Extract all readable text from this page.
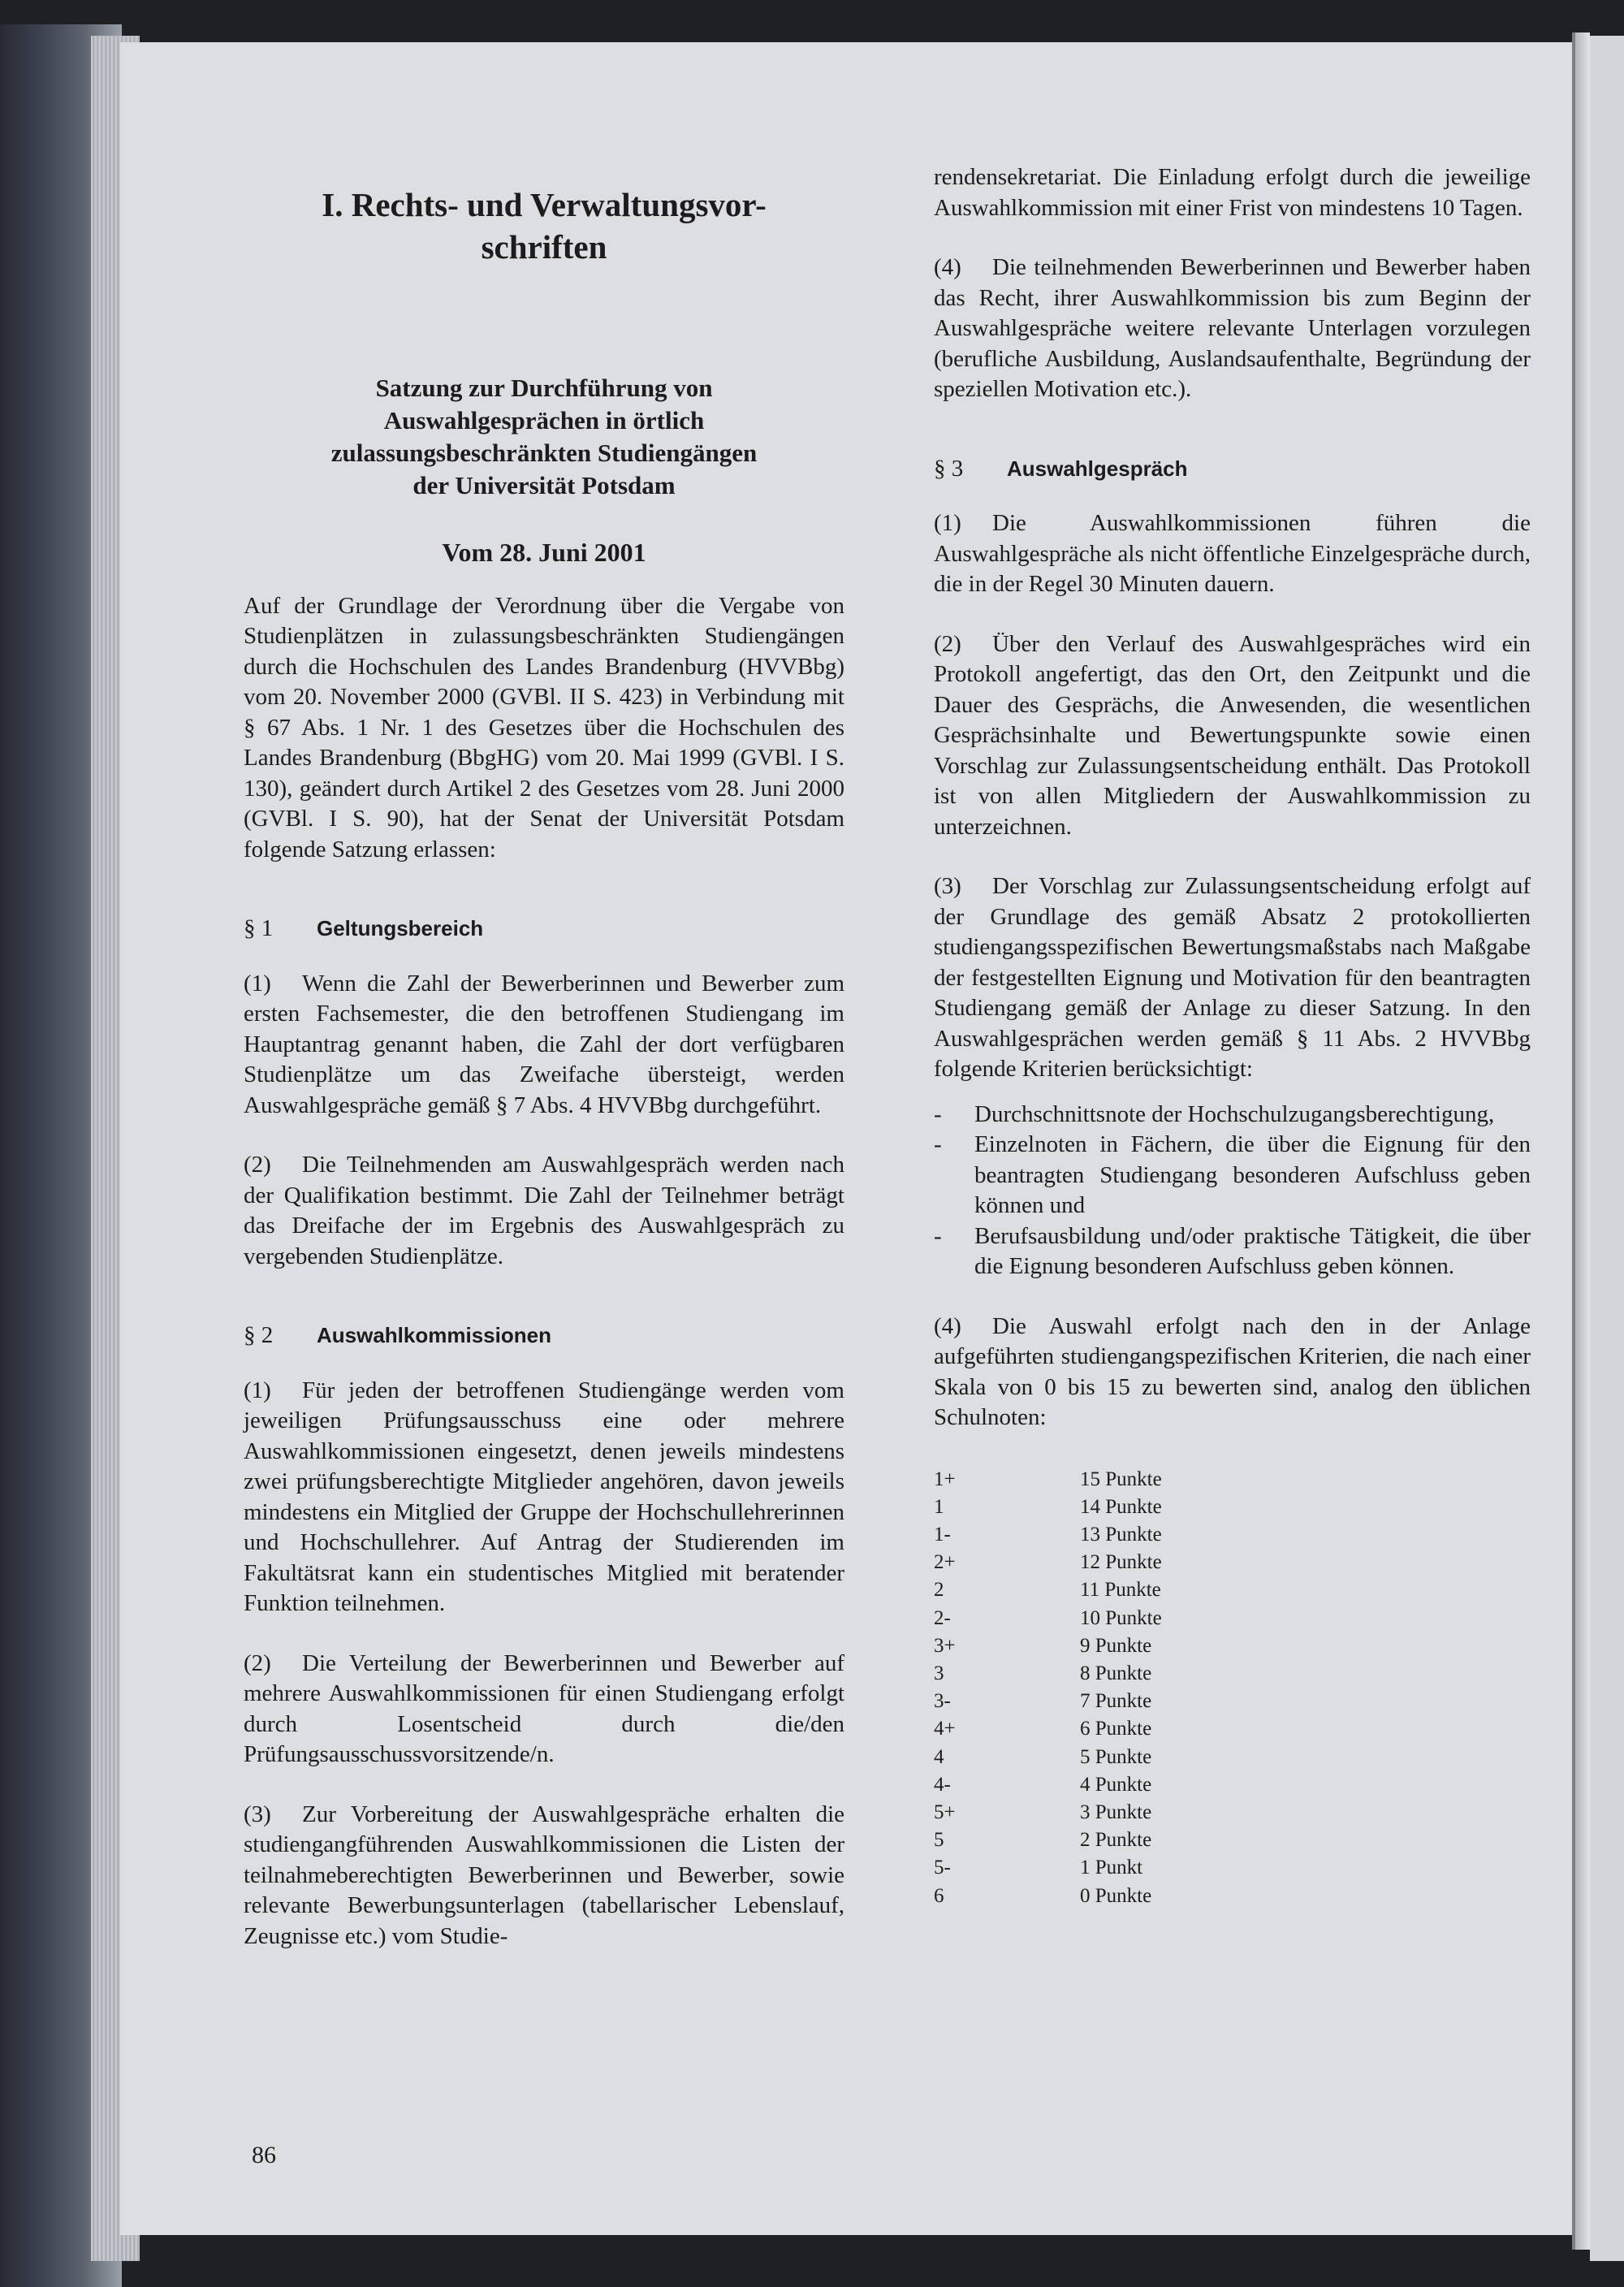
I. Rechts- und Verwaltungsvor-
schriften
Satzung zur Durchführung von
Auswahlgesprächen in örtlich
zulassungsbeschränkten Studiengängen
der Universität Potsdam
Vom 28. Juni 2001

Auf der Grundlage der Verordnung über die Vergabe von Studienplätzen in zulassungsbeschränkten Studiengängen durch die Hochschulen des Landes Brandenburg (HVVBbg) vom 20. November 2000 (GVBl. II S. 423) in Verbindung mit § 67 Abs. 1 Nr. 1 des Gesetzes über die Hochschulen des Landes Brandenburg (BbgHG) vom 20. Mai 1999 (GVBl. I S. 130), geändert durch Artikel 2 des Gesetzes vom 28. Juni 2000 (GVBl. I S. 90), hat der Senat der Universität Potsdam folgende Satzung erlassen:

§ 1 Geltungsbereich

(1) Wenn die Zahl der Bewerberinnen und Bewerber zum ersten Fachsemester, die den betroffenen Studiengang im Hauptantrag genannt haben, die Zahl der dort verfügbaren Studienplätze um das Zweifache übersteigt, werden Auswahlgespräche gemäß § 7 Abs. 4 HVVBbg durchgeführt.

(2) Die Teilnehmenden am Auswahlgespräch werden nach der Qualifikation bestimmt. Die Zahl der Teilnehmer beträgt das Dreifache der im Ergebnis des Auswahlgespräch zu vergebenden Studienplätze.

§ 2 Auswahlkommissionen

(1) Für jeden der betroffenen Studiengänge werden vom jeweiligen Prüfungsausschuss eine oder mehrere Auswahlkommissionen eingesetzt, denen jeweils mindestens zwei prüfungsberechtigte Mitglieder angehören, davon jeweils mindestens ein Mitglied der Gruppe der Hochschullehrerinnen und Hochschullehrer. Auf Antrag der Studierenden im Fakultätsrat kann ein studentisches Mitglied mit beratender Funktion teilnehmen.

(2) Die Verteilung der Bewerberinnen und Bewerber auf mehrere Auswahlkommissionen für einen Studiengang erfolgt durch Losentscheid durch die/den Prüfungsausschussvorsitzende/n.

(3) Zur Vorbereitung der Auswahlgespräche erhalten die studiengangführenden Auswahlkommissionen die Listen der teilnahmeberechtigten Bewerberinnen und Bewerber, sowie relevante Bewerbungsunterlagen (tabellarischer Lebenslauf, Zeugnisse etc.) vom Studie-

rendensekretariat. Die Einladung erfolgt durch die jeweilige Auswahlkommission mit einer Frist von mindestens 10 Tagen.

(4) Die teilnehmenden Bewerberinnen und Bewerber haben das Recht, ihrer Auswahlkommission bis zum Beginn der Auswahlgespräche weitere relevante Unterlagen vorzulegen (berufliche Ausbildung, Auslandsaufenthalte, Begründung der speziellen Motivation etc.).

§ 3 Auswahlgespräch

(1) Die Auswahlkommissionen führen die Auswahlgespräche als nicht öffentliche Einzelgespräche durch, die in der Regel 30 Minuten dauern.

(2) Über den Verlauf des Auswahlgespräches wird ein Protokoll angefertigt, das den Ort, den Zeitpunkt und die Dauer des Gesprächs, die Anwesenden, die wesentlichen Gesprächsinhalte und Bewertungspunkte sowie einen Vorschlag zur Zulassungsentscheidung enthält. Das Protokoll ist von allen Mitgliedern der Auswahlkommission zu unterzeichnen.

(3) Der Vorschlag zur Zulassungsentscheidung erfolgt auf der Grundlage des gemäß Absatz 2 protokollierten studiengangsspezifischen Bewertungsmaßstabs nach Maßgabe der festgestellten Eignung und Motivation für den beantragten Studiengang gemäß der Anlage zu dieser Satzung. In den Auswahlgesprächen werden gemäß § 11 Abs. 2 HVVBbg folgende Kriterien berücksichtigt:

- Durchschnittsnote der Hochschulzugangsberechtigung,
- Einzelnoten in Fächern, die über die Eignung für den beantragten Studiengang besonderen Aufschluss geben können und
- Berufsausbildung und/oder praktische Tätigkeit, die über die Eignung besonderen Aufschluss geben können.

(4) Die Auswahl erfolgt nach den in der Anlage aufgeführten studiengangspezifischen Kriterien, die nach einer Skala von 0 bis 15 zu bewerten sind, analog den üblichen Schulnoten:

1+	15 Punkte
1	14 Punkte
1-	13 Punkte
2+	12 Punkte
2	11 Punkte
2-	10 Punkte
3+	9 Punkte
3	8 Punkte
3-	7 Punkte
4+	6 Punkte
4	5 Punkte
4-	4 Punkte
5+	3 Punkte
5	2 Punkte
5-	1 Punkt
6	0 Punkte
86
